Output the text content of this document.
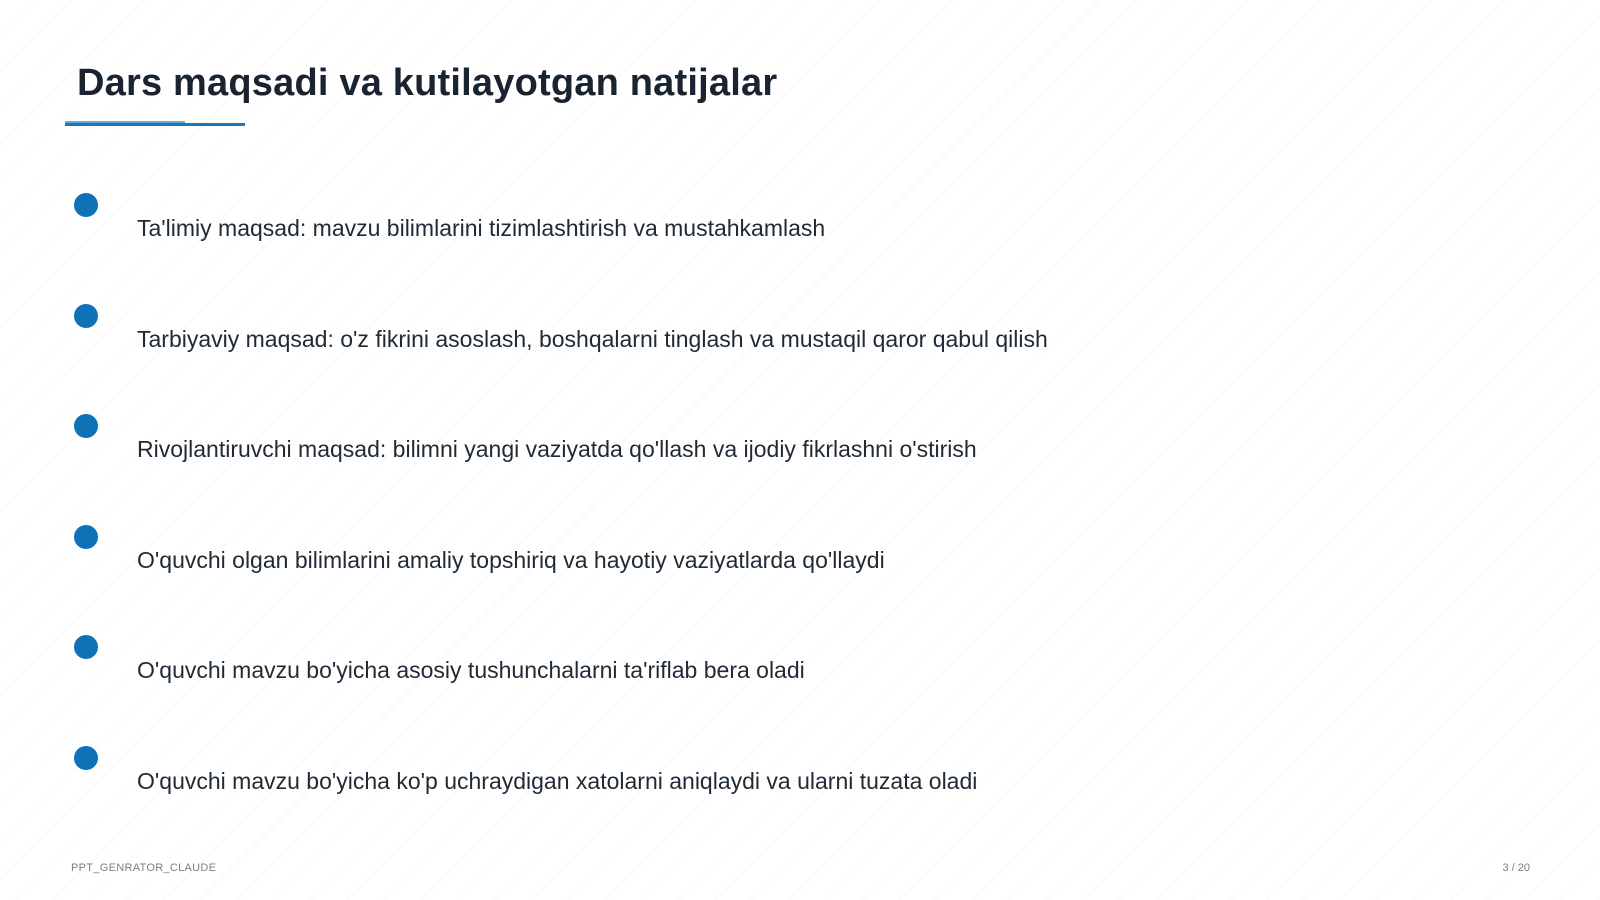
Dars maqsadi va kutilayotgan natijalar
Ta'limiy maqsad: mavzu bilimlarini tizimlashtirish va mustahkamlash
Tarbiyaviy maqsad: o'z fikrini asoslash, boshqalarni tinglash va mustaqil qaror qabul qilish
Rivojlantiruvchi maqsad: bilimni yangi vaziyatda qo'llash va ijodiy fikrlashni o'stirish
O'quvchi olgan bilimlarini amaliy topshiriq va hayotiy vaziyatlarda qo'llaydi
O'quvchi mavzu bo'yicha asosiy tushunchalarni ta'riflab bera oladi
O'quvchi mavzu bo'yicha ko'p uchraydigan xatolarni aniqlaydi va ularni tuzata oladi
PPT_GENRATOR_CLAUDE	3 / 20
